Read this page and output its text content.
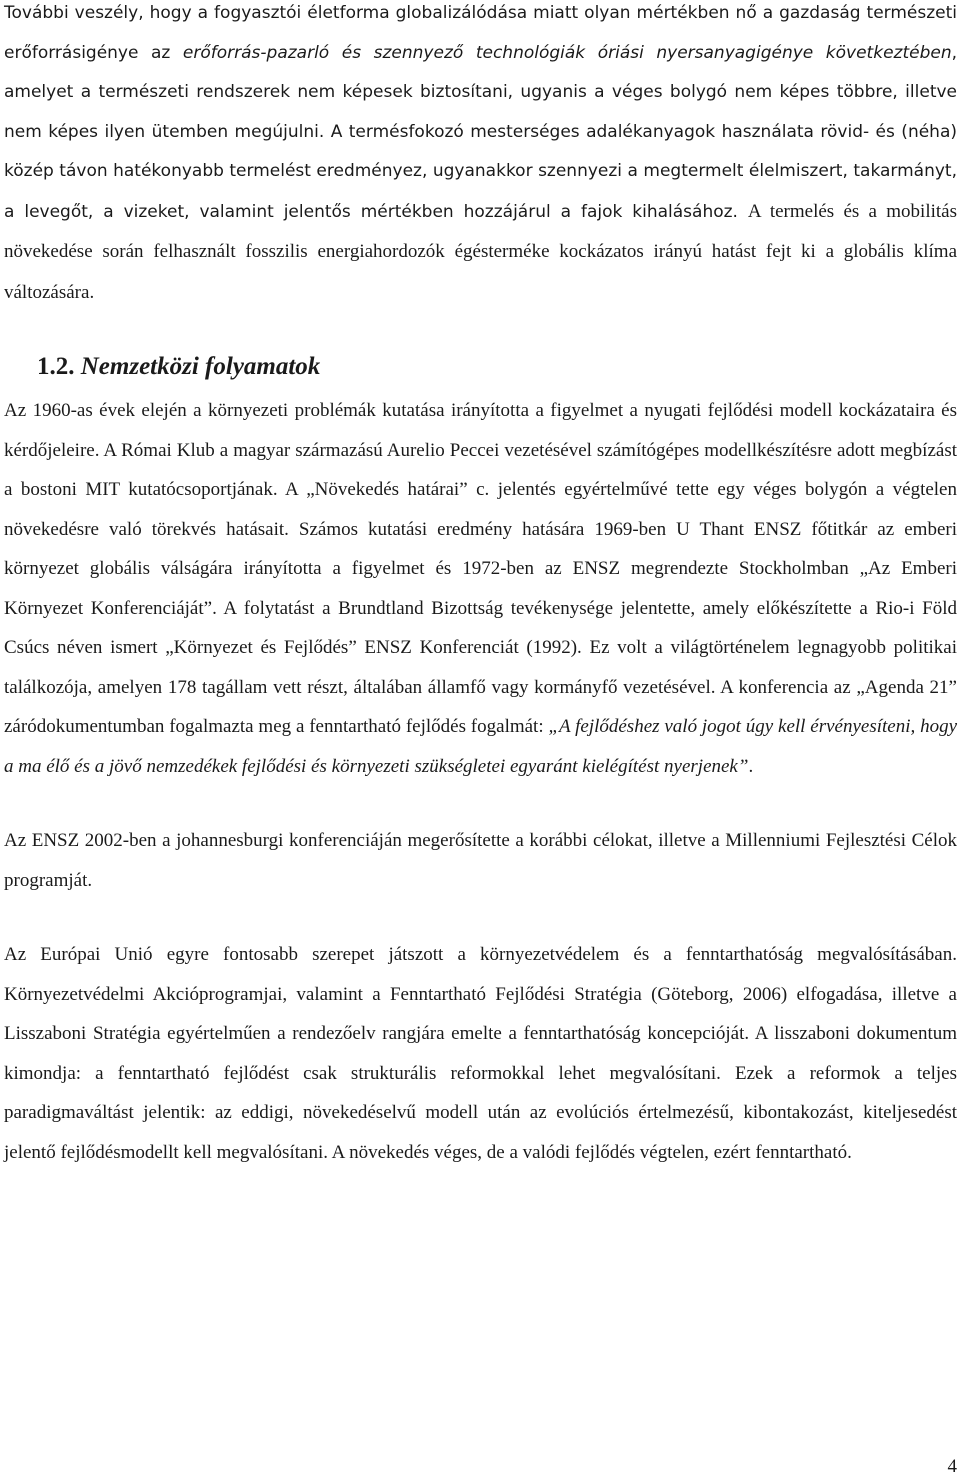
További veszély, hogy a fogyasztói életforma globalizálódása miatt olyan mértékben nő a gazdaság természeti erőforrásigénye az erőforrás-pazarló és szennyező technológiák óriási nyersanyagigénye következtében, amelyet a természeti rendszerek nem képesek biztosítani, ugyanis a véges bolygó nem képes többre, illetve nem képes ilyen ütemben megújulni. A termésfokozó mesterséges adalékanyagok használata rövid- és (néha) közép távon hatékonyabb termelést eredményez, ugyanakkor szennyezi a megtermelt élelmiszert, takarmányt, a levegőt, a vizeket, valamint jelentős mértékben hozzájárul a fajok kihalásához. A termelés és a mobilitás növekedése során felhasznált fosszilis energiahordozók égésterméke kockázatos irányú hatást fejt ki a globális klíma változására.

1.2. Nemzetközi folyamatok

Az 1960-as évek elején a környezeti problémák kutatása irányította a figyelmet a nyugati fejlődési modell kockázataira és kérdőjeleire. A Római Klub a magyar származású Aurelio Peccei vezetésével számítógépes modellkészítésre adott megbízást a bostoni MIT kutatócsoportjának. A „Növekedés határai” c. jelentés egyértelművé tette egy véges bolygón a végtelen növekedésre való törekvés hatásait. Számos kutatási eredmény hatására 1969-ben U Thant ENSZ főtitkár az emberi környezet globális válságára irányította a figyelmet és 1972-ben az ENSZ megrendezte Stockholmban „Az Emberi Környezet Konferenciáját”. A folytatást a Brundtland Bizottság tevékenysége jelentette, amely előkészítette a Rio-i Föld Csúcs néven ismert „Környezet és Fejlődés” ENSZ Konferenciát (1992). Ez volt a világtörténelem legnagyobb politikai találkozója, amelyen 178 tagállam vett részt, általában államfő vagy kormányfő vezetésével. A konferencia az „Agenda 21” záródokumentumban fogalmazta meg a fenntartható fejlődés fogalmát: „A fejlődéshez való jogot úgy kell érvényesíteni, hogy a ma élő és a jövő nemzedékek fejlődési és környezeti szükségletei egyaránt kielégítést nyerjenek”.

Az ENSZ 2002-ben a johannesburgi konferenciáján megerősítette a korábbi célokat, illetve a Millenniumi Fejlesztési Célok programját.

Az Európai Unió egyre fontosabb szerepet játszott a környezetvédelem és a fenntarthatóság megvalósításában. Környezetvédelmi Akcióprogramjai, valamint a Fenntartható Fejlődési Stratégia (Göteborg, 2006) elfogadása, illetve a Lisszaboni Stratégia egyértelműen a rendezőelv rangjára emelte a fenntarthatóság koncepcióját. A lisszaboni dokumentum kimondja: a fenntartható fejlődést csak strukturális reformokkal lehet megvalósítani. Ezek a reformok a teljes paradigmaváltást jelentik: az eddigi, növekedéselvű modell után az evolúciós értelmezésű, kibontakozást, kiteljesedést jelentő fejlődésmodellt kell megvalósítani. A növekedés véges, de a valódi fejlődés végtelen, ezért fenntartható.

4
